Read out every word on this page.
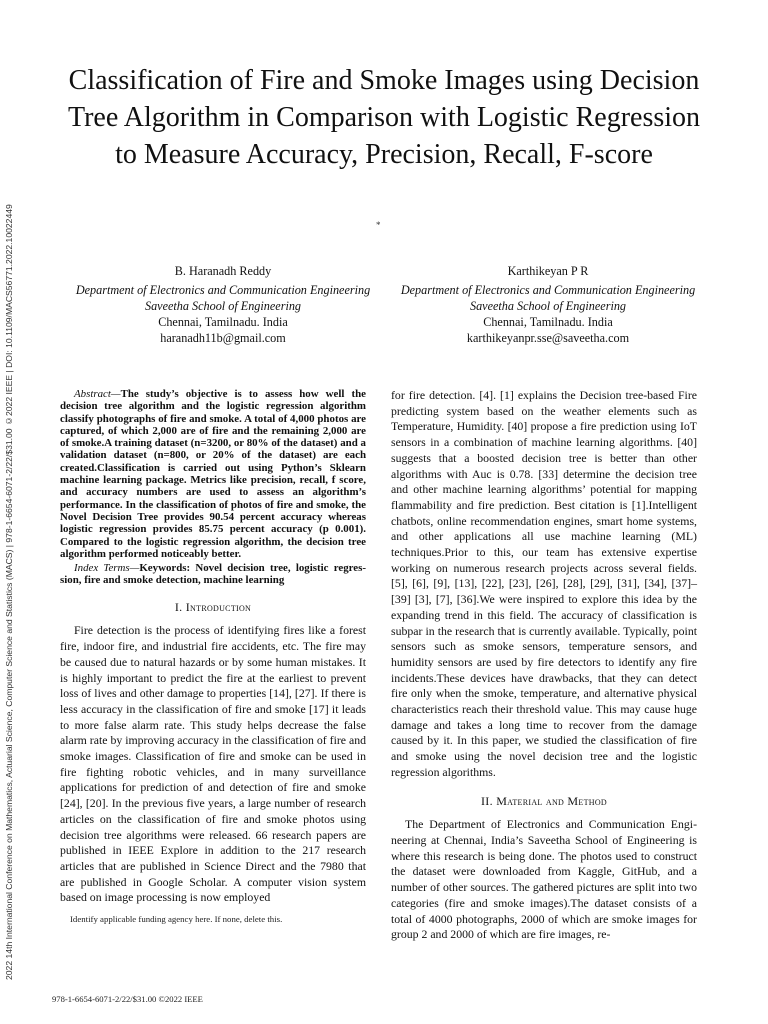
2022 14th International Conference on Mathematics, Actuarial Science, Computer Science and Statistics (MACS) | 978-1-6654-6071-2/22/$31.00 ©2022 IEEE | DOI: 10.1109/MACS56771.2022.10022449
Classification of Fire and Smoke Images using Decision Tree Algorithm in Comparison with Logistic Regression to Measure Accuracy, Precision, Recall, F-score
*
B. Haranadh Reddy
Department of Electronics and Communication Engineering
Saveetha School of Engineering
Chennai, Tamilnadu. India
haranadh11b@gmail.com
Karthikeyan P R
Department of Electronics and Communication Engineering
Saveetha School of Engineering
Chennai, Tamilnadu. India
karthikeyanpr.sse@saveetha.com

Abstract—The study’s objective is to assess how well the decision tree algorithm and the logistic regression algorithm classify photographs of fire and smoke. A total of 4,000 photos are captured, of which 2,000 are of fire and the remaining 2,000 are of smoke.A training dataset (n=3200, or 80% of the dataset) and a validation dataset (n=800, or 20% of the dataset) are each created.Classification is carried out using Python’s Sklearn machine learning package. Metrics like precision, recall, f score, and accuracy numbers are used to assess an algorithm’s performance. In the classification of photos of fire and smoke, the Novel Decision Tree provides 90.54 percent accuracy whereas logistic regression provides 85.75 percent accuracy (p 0.001). Compared to the logistic regression algorithm, the decision tree algorithm performed noticeably better.

Index Terms—Keywords: Novel decision tree, logistic regres-sion, fire and smoke detection, machine learning

I. Introduction

Fire detection is the process of identifying fires like a forest fire, indoor fire, and industrial fire accidents, etc. The fire may be caused due to natural hazards or by some human mistakes. It is highly important to predict the fire at the earliest to prevent loss of lives and other damage to properties [14], [27]. If there is less accuracy in the classification of fire and smoke [17] it leads to more false alarm rate. This study helps decrease the false alarm rate by improving accuracy in the classification of fire and smoke images. Classification of fire and smoke can be used in fire fighting robotic vehicles, and in many surveillance applications for prediction of and detection of fire and smoke [24], [20]. In the previous five years, a large number of research articles on the classification of fire and smoke photos using decision tree algorithms were released. 66 research papers are published in IEEE Explore in addition to the 217 research articles that are published in Science Direct and the 7980 that are published in Google Scholar. A computer vision system based on image processing is now employed

for fire detection. [4]. [1] explains the Decision tree-based Fire predicting system based on the weather elements such as Temperature, Humidity. [40] propose a fire prediction using IoT sensors in a combination of machine learning algorithms. [40] suggests that a boosted decision tree is better than other algorithms with Auc is 0.78. [33] determine the decision tree and other machine learning algorithms’ potential for mapping flammability and fire prediction. Best citation is [1].Intelligent chatbots, online recommendation engines, smart home systems, and other applications all use machine learning (ML) techniques.Prior to this, our team has extensive expertise working on numerous research projects across several fields. [5], [6], [9], [13], [22], [23], [26], [28], [29], [31], [34], [37]–[39] [3], [7], [36].We were inspired to explore this idea by the expanding trend in this field. The accuracy of classification is subpar in the research that is currently available. Typically, point sensors such as smoke sensors, temperature sensors, and humidity sensors are used by fire detectors to identify any fire incidents.These devices have drawbacks, that they can detect fire only when the smoke, temperature, and alternative physical characteristics reach their threshold value. This may cause huge damage and takes a long time to recover from the damage caused by it. In this paper, we studied the classification of fire and smoke using the novel decision tree and the logistic regression algorithms.

II. Material and Method

The Department of Electronics and Communication Engi-neering at Chennai, India’s Saveetha School of Engineering is where this research is being done. The photos used to construct the dataset were downloaded from Kaggle, GitHub, and a number of other sources. The gathered pictures are split into two categories (fire and smoke images).The dataset consists of a total of 4000 photographs, 2000 of which are smoke images for group 2 and 2000 of which are fire images, re-

Identify applicable funding agency here. If none, delete this.
978-1-6654-6071-2/22/$31.00 ©2022 IEEE
